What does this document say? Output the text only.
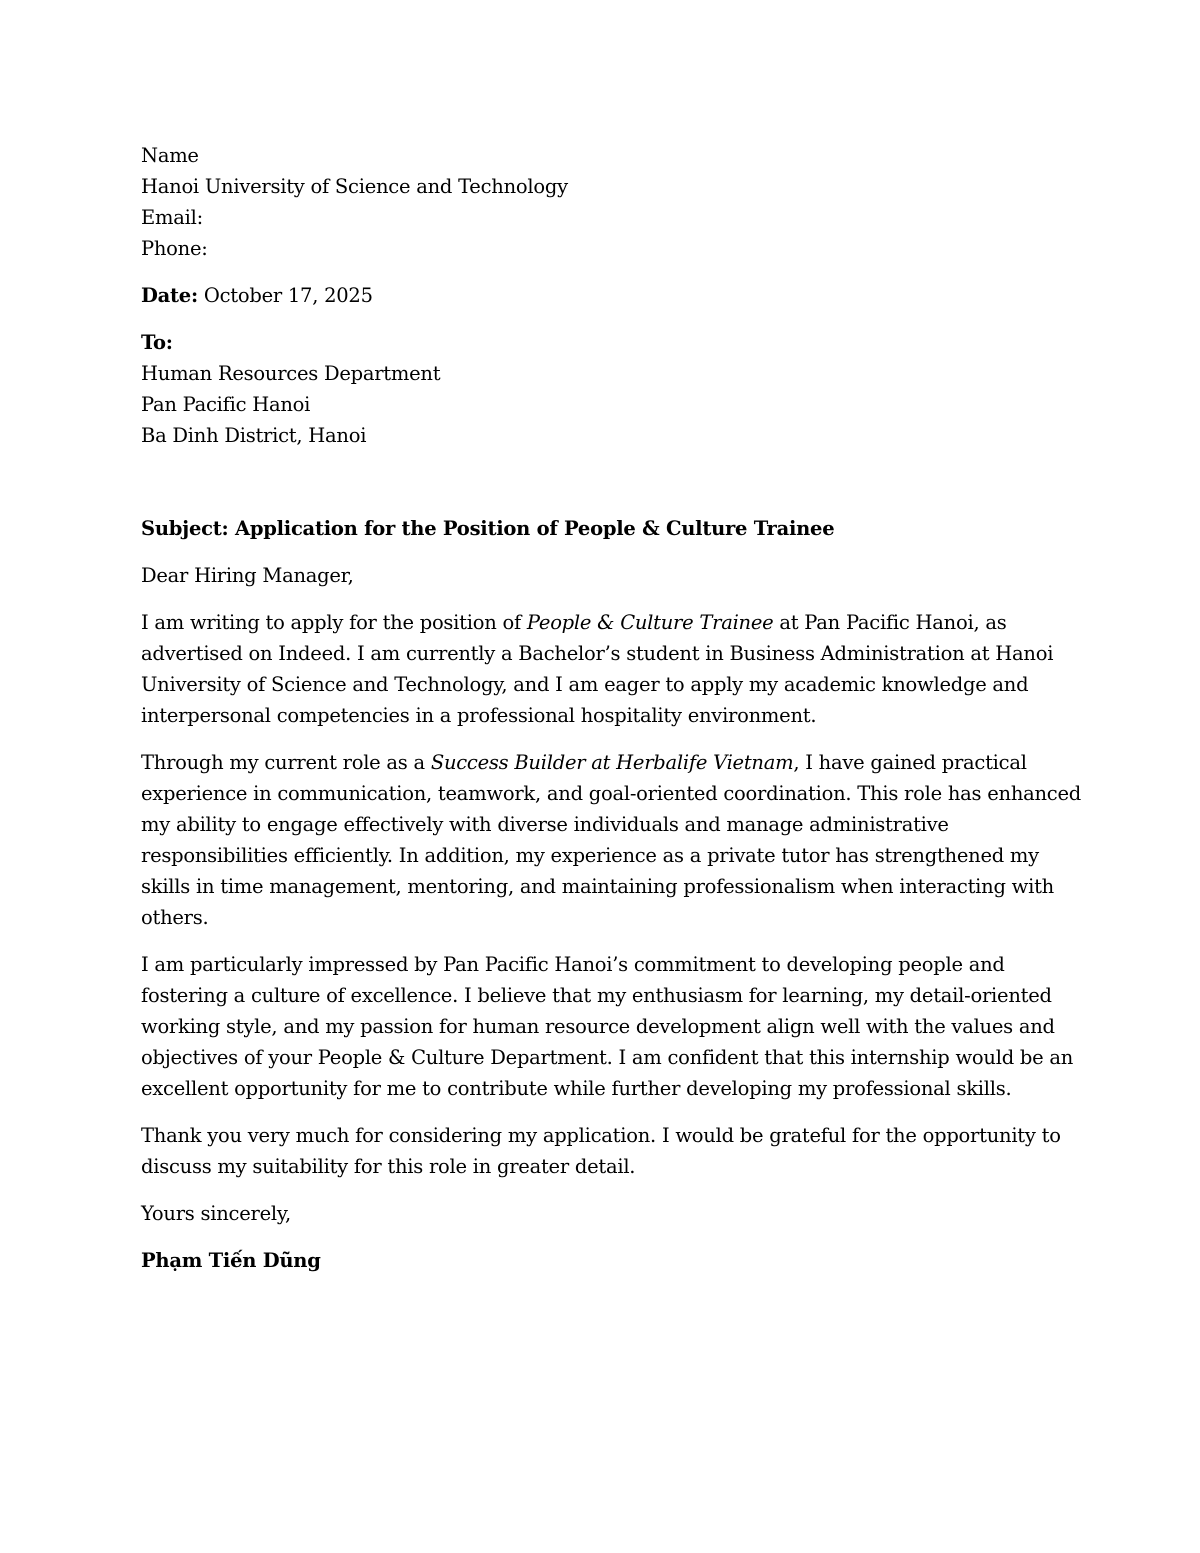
Name
Hanoi University of Science and Technology
Email:
Phone:
Date: October 17, 2025
To:
Human Resources Department
Pan Pacific Hanoi
Ba Dinh District, Hanoi
Subject: Application for the Position of People & Culture Trainee
Dear Hiring Manager,
I am writing to apply for the position of People & Culture Trainee at Pan Pacific Hanoi, as
advertised on Indeed. I am currently a Bachelor’s student in Business Administration at Hanoi
University of Science and Technology, and I am eager to apply my academic knowledge and
interpersonal competencies in a professional hospitality environment.
Through my current role as a Success Builder at Herbalife Vietnam, I have gained practical
experience in communication, teamwork, and goal-oriented coordination. This role has enhanced
my ability to engage effectively with diverse individuals and manage administrative
responsibilities efficiently. In addition, my experience as a private tutor has strengthened my
skills in time management, mentoring, and maintaining professionalism when interacting with
others.
I am particularly impressed by Pan Pacific Hanoi’s commitment to developing people and
fostering a culture of excellence. I believe that my enthusiasm for learning, my detail-oriented
working style, and my passion for human resource development align well with the values and
objectives of your People & Culture Department. I am confident that this internship would be an
excellent opportunity for me to contribute while further developing my professional skills.
Thank you very much for considering my application. I would be grateful for the opportunity to
discuss my suitability for this role in greater detail.
Yours sincerely,
Phạm Tiến Dũng
